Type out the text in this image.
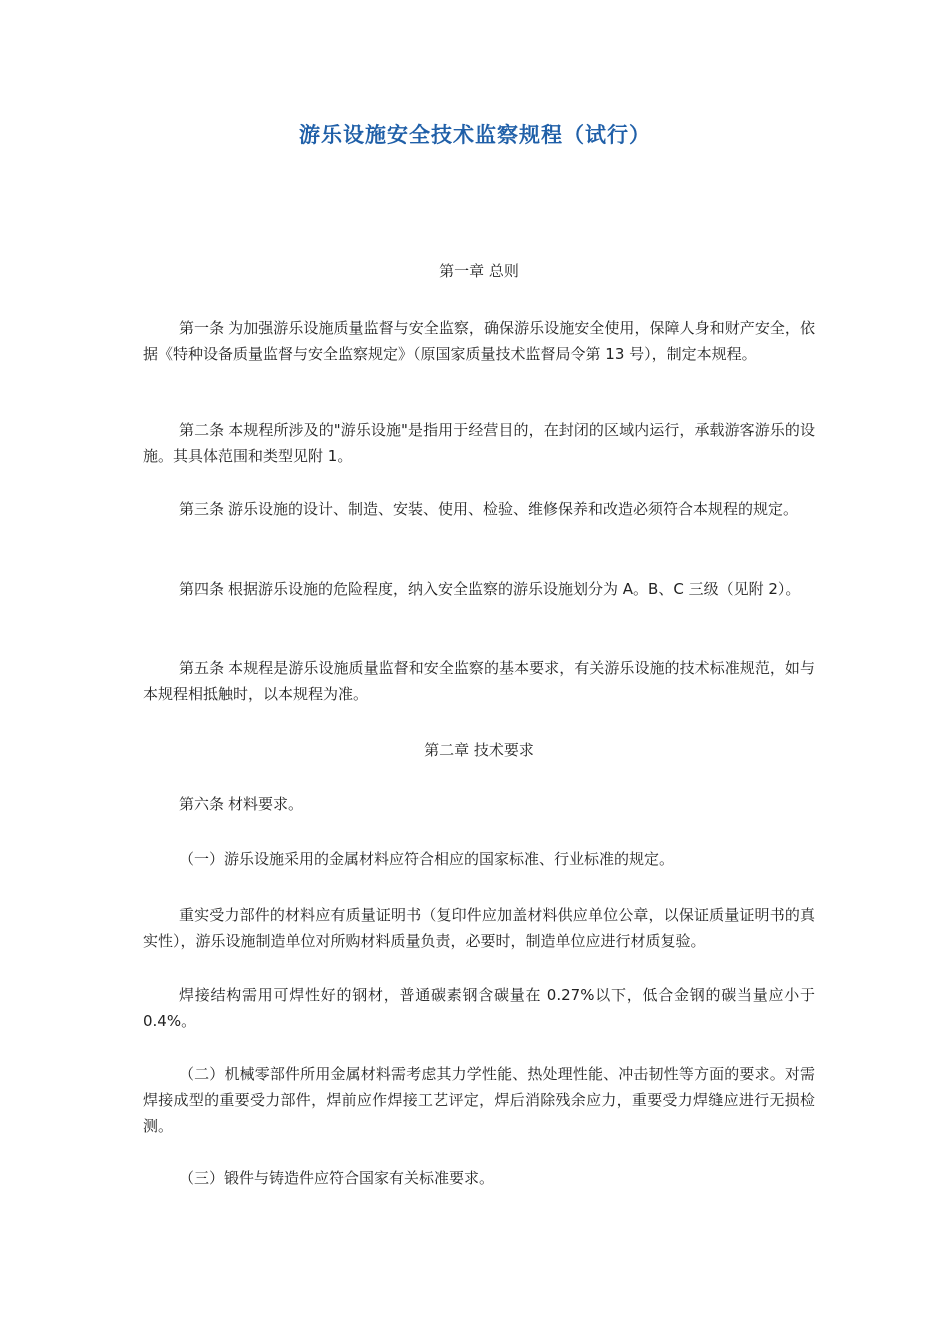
游乐设施安全技术监察规程（试行）
第一章 总则
第一条 为加强游乐设施质量监督与安全监察，确保游乐设施安全使用，保障人身和财产安全，依据《特种设备质量监督与安全监察规定》（原国家质量技术监督局令第 13 号），制定本规程。
第二条 本规程所涉及的"游乐设施"是指用于经营目的，在封闭的区域内运行，承载游客游乐的设施。其具体范围和类型见附 1。
第三条 游乐设施的设计、制造、安装、使用、检验、维修保养和改造必须符合本规程的规定。
第四条 根据游乐设施的危险程度，纳入安全监察的游乐设施划分为 A。B、C 三级（见附 2）。
第五条 本规程是游乐设施质量监督和安全监察的基本要求，有关游乐设施的技术标准规范，如与本规程相抵触时，以本规程为准。
第二章 技术要求
第六条 材料要求。
（一）游乐设施采用的金属材料应符合相应的国家标准、行业标准的规定。
重实受力部件的材料应有质量证明书（复印件应加盖材料供应单位公章，以保证质量证明书的真实性），游乐设施制造单位对所购材料质量负责，必要时，制造单位应进行材质复验。
焊接结构需用可焊性好的钢材，普通碳素钢含碳量在 0.27%以下，低合金钢的碳当量应小于 0.4%。
（二）机械零部件所用金属材料需考虑其力学性能、热处理性能、冲击韧性等方面的要求。对需焊接成型的重要受力部件，焊前应作焊接工艺评定，焊后消除残余应力，重要受力焊缝应进行无损检测。
（三）锻件与铸造件应符合国家有关标准要求。
